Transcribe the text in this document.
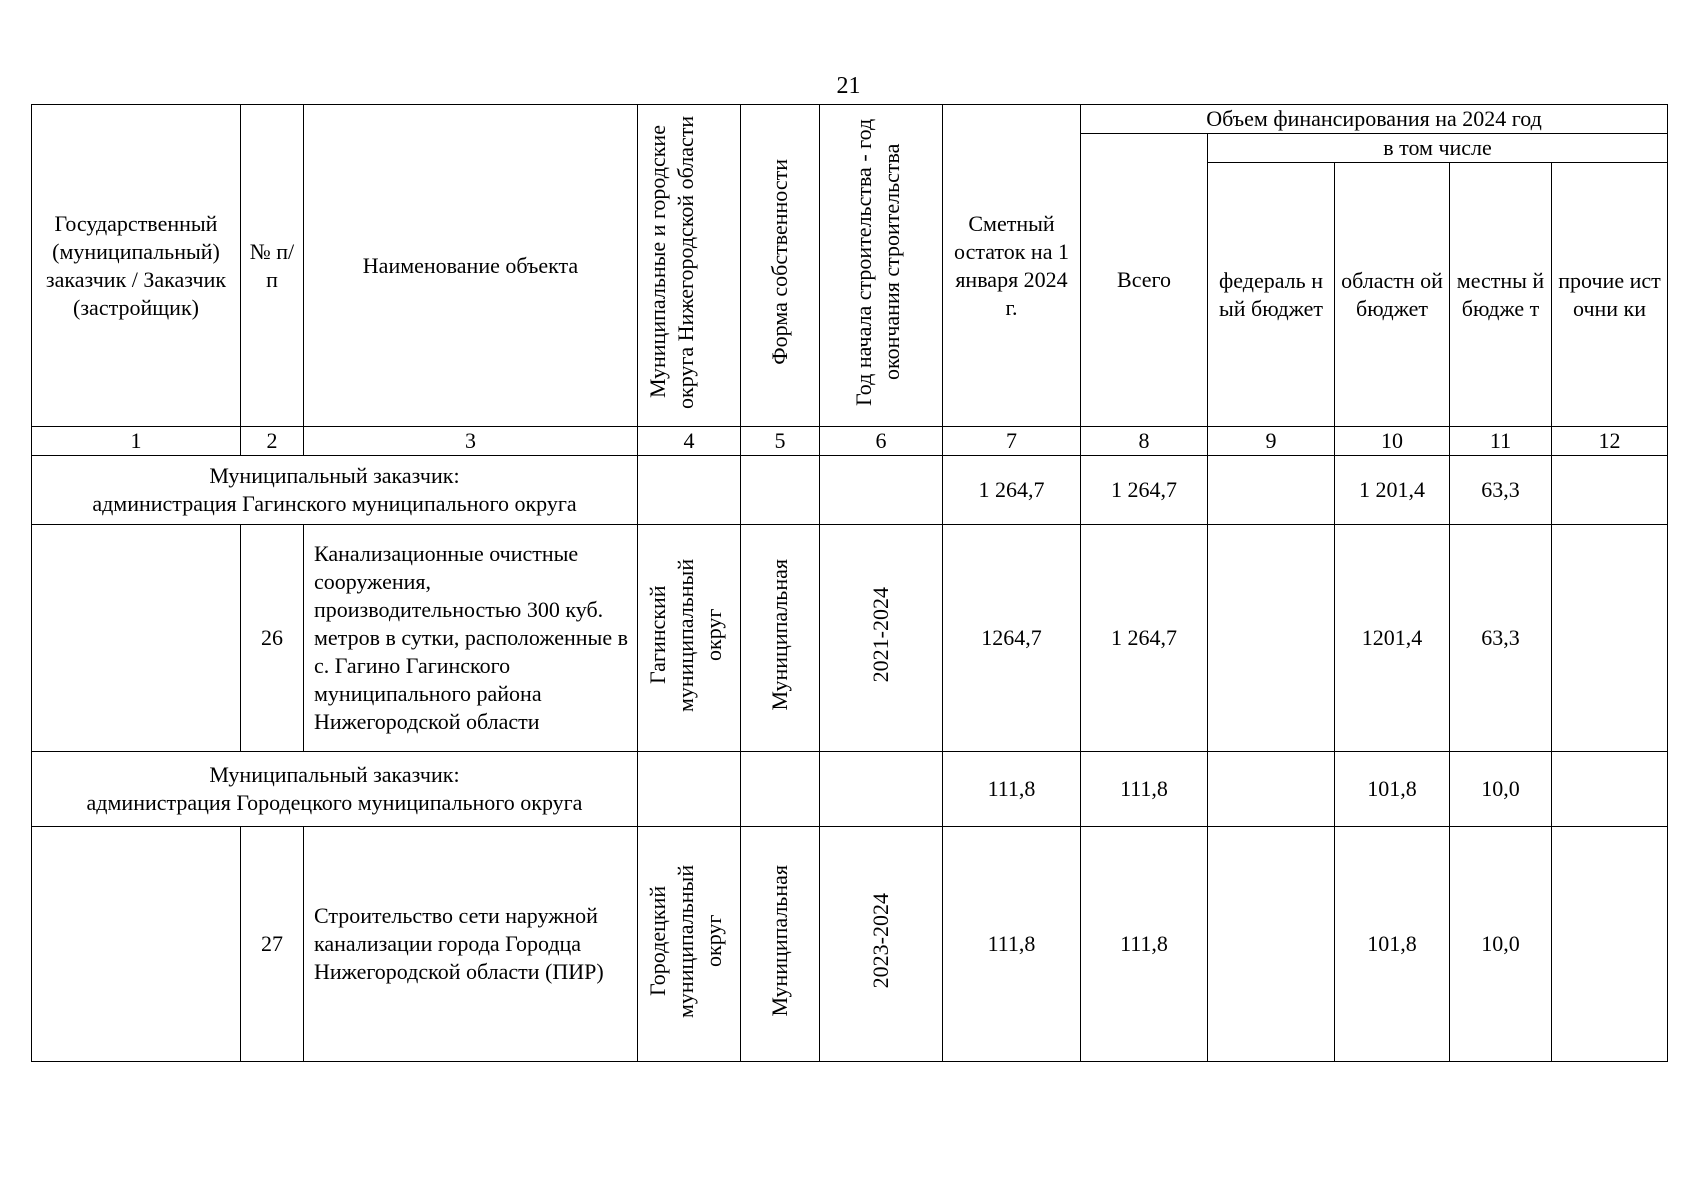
21
Государственный (муниципальный) заказчик / Заказчик (застройщик)	№ п/п	Наименование объекта	Муниципальные и городские округа Нижегородской области	Форма собственности	Год начала строительства - год окончания строительства	Сметный остаток на 1 января 2024 г.	Объем финансирования на 2024 год				
							Всего	в том числе			
								федераль ный бюджет	областн ой бюджет	местны й бюдже т	прочие источни ки
1	2	3	4	5	6	7	8	9	10	11	12

Муниципальный заказчик:
администрация Гагинского муниципального округа						1 264,7	1 264,7		1 201,4	63,3	
	26	Канализационные очистные сооружения, производительностью 300 куб. метров в сутки, расположенные в с. Гагино Гагинского муниципального района Нижегородской области	Гагинский муниципальный округ	Муниципальная	2021-2024	1264,7	1 264,7		1201,4	63,3	

Муниципальный заказчик:
администрация Городецкого муниципального округа						111,8	111,8		101,8	10,0	
	27	Строительство сети наружной канализации города Городца Нижегородской области (ПИР)	Городецкий муниципальный округ	Муниципальная	2023-2024	111,8	111,8		101,8	10,0	
